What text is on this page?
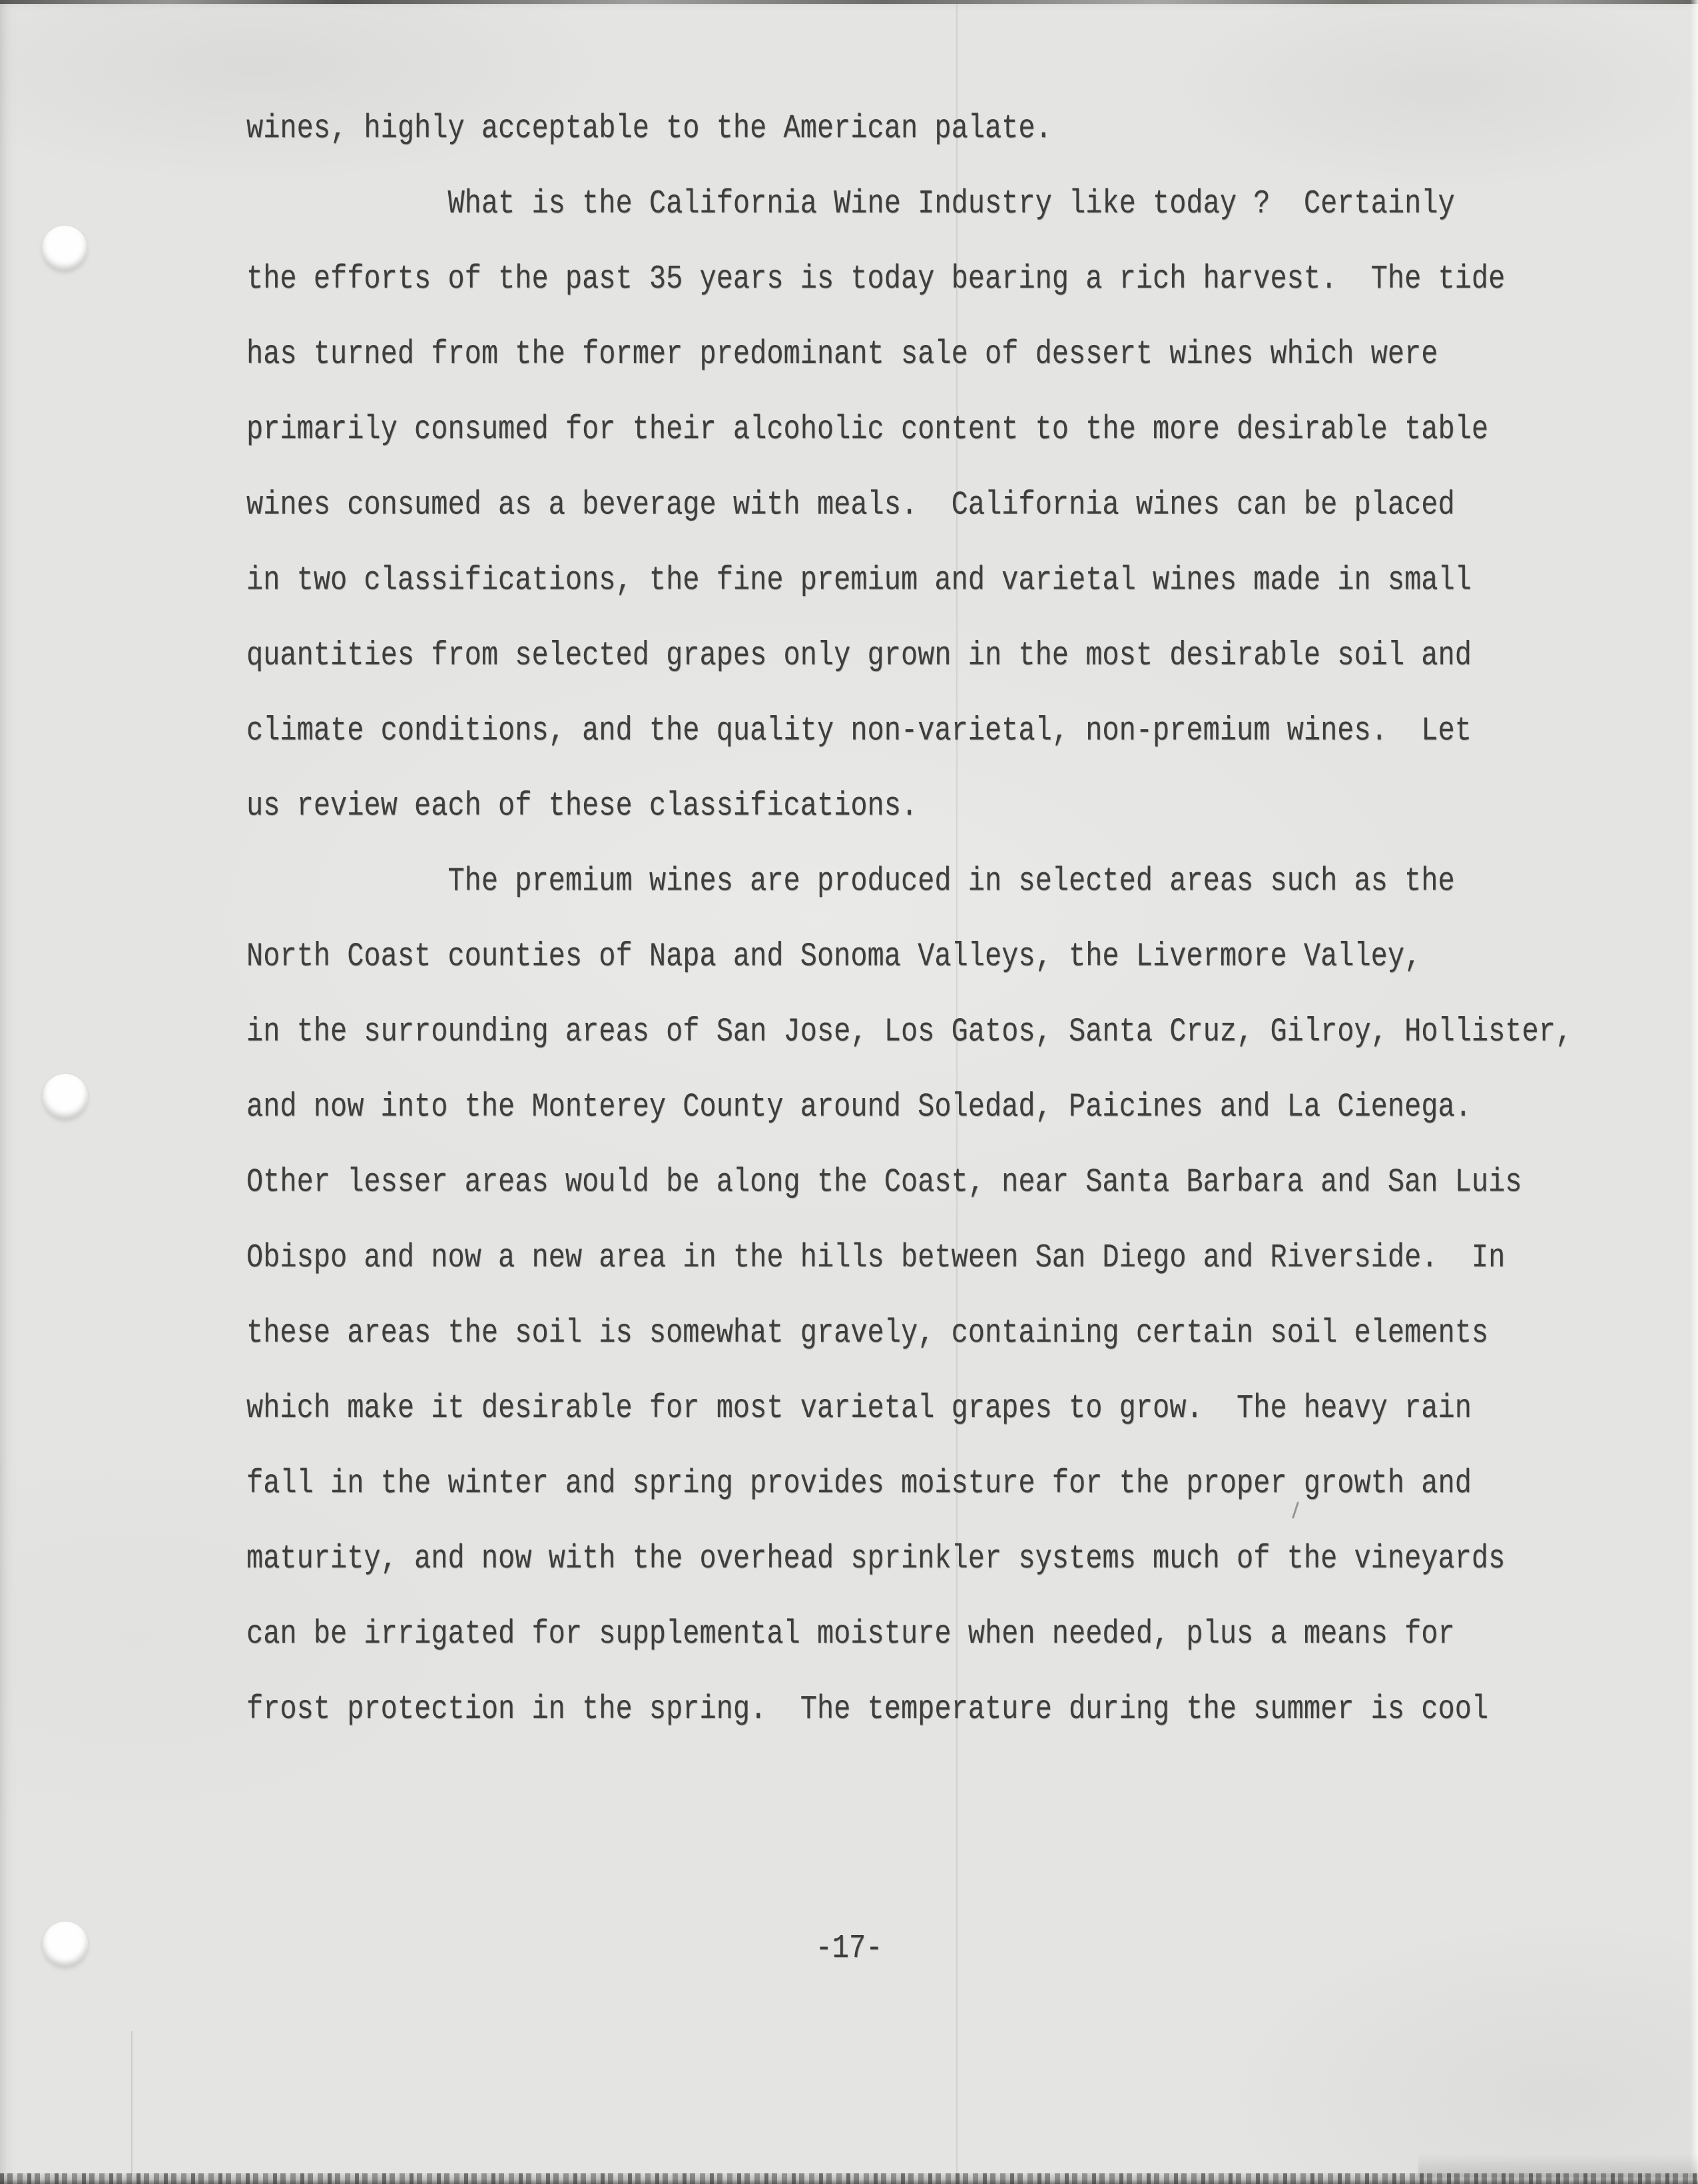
wines, highly acceptable to the American palate.
What is the California Wine Industry like today ?  Certainly
the efforts of the past 35 years is today bearing a rich harvest.  The tide
has turned from the former predominant sale of dessert wines which were
primarily consumed for their alcoholic content to the more desirable table
wines consumed as a beverage with meals.  California wines can be placed
in two classifications, the fine premium and varietal wines made in small
quantities from selected grapes only grown in the most desirable soil and
climate conditions, and the quality non-varietal, non-premium wines.  Let
us review each of these classifications.
The premium wines are produced in selected areas such as the
North Coast counties of Napa and Sonoma Valleys, the Livermore Valley,
in the surrounding areas of San Jose, Los Gatos, Santa Cruz, Gilroy, Hollister,
and now into the Monterey County around Soledad, Paicines and La Cienega.
Other lesser areas would be along the Coast, near Santa Barbara and San Luis
Obispo and now a new area in the hills between San Diego and Riverside.  In
these areas the soil is somewhat gravely, containing certain soil elements
which make it desirable for most varietal grapes to grow.  The heavy rain
fall in the winter and spring provides moisture for the proper growth and
maturity, and now with the overhead sprinkler systems much of the vineyards
can be irrigated for supplemental moisture when needed, plus a means for
frost protection in the spring.  The temperature during the summer is cool
-17-
